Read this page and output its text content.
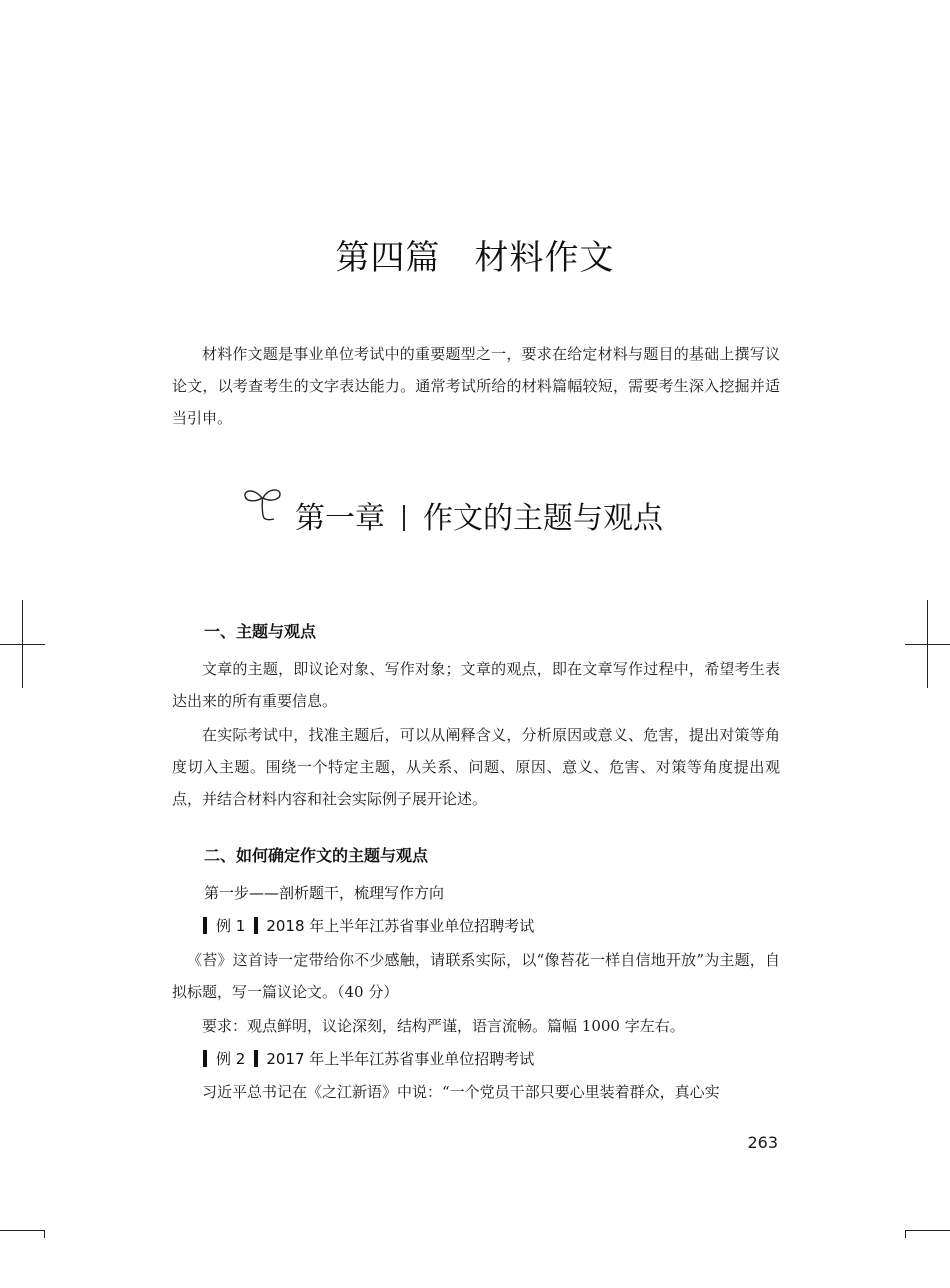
第四篇 材料作文
材料作文题是事业单位考试中的重要题型之一，要求在给定材料与题目的基础上撰写议论文，以考查考生的文字表达能力。通常考试所给的材料篇幅较短，需要考生深入挖掘并适当引申。
第一章 作文的主题与观点
一、主题与观点
文章的主题，即议论对象、写作对象；文章的观点，即在文章写作过程中，希望考生表达出来的所有重要信息。
在实际考试中，找准主题后，可以从阐释含义，分析原因或意义、危害，提出对策等角度切入主题。围绕一个特定主题，从关系、问题、原因、意义、危害、对策等角度提出观点，并结合材料内容和社会实际例子展开论述。
二、如何确定作文的主题与观点
第一步——剖析题干，梳理写作方向
例 1 2018 年上半年江苏省事业单位招聘考试
《苔》这首诗一定带给你不少感触，请联系实际，以“像苔花一样自信地开放”为主题，自拟标题，写一篇议论文。（40 分）
要求：观点鲜明，议论深刻，结构严谨，语言流畅。篇幅 1000 字左右。
例 2 2017 年上半年江苏省事业单位招聘考试
习近平总书记在《之江新语》中说：“一个党员干部只要心里装着群众，真心实
263
